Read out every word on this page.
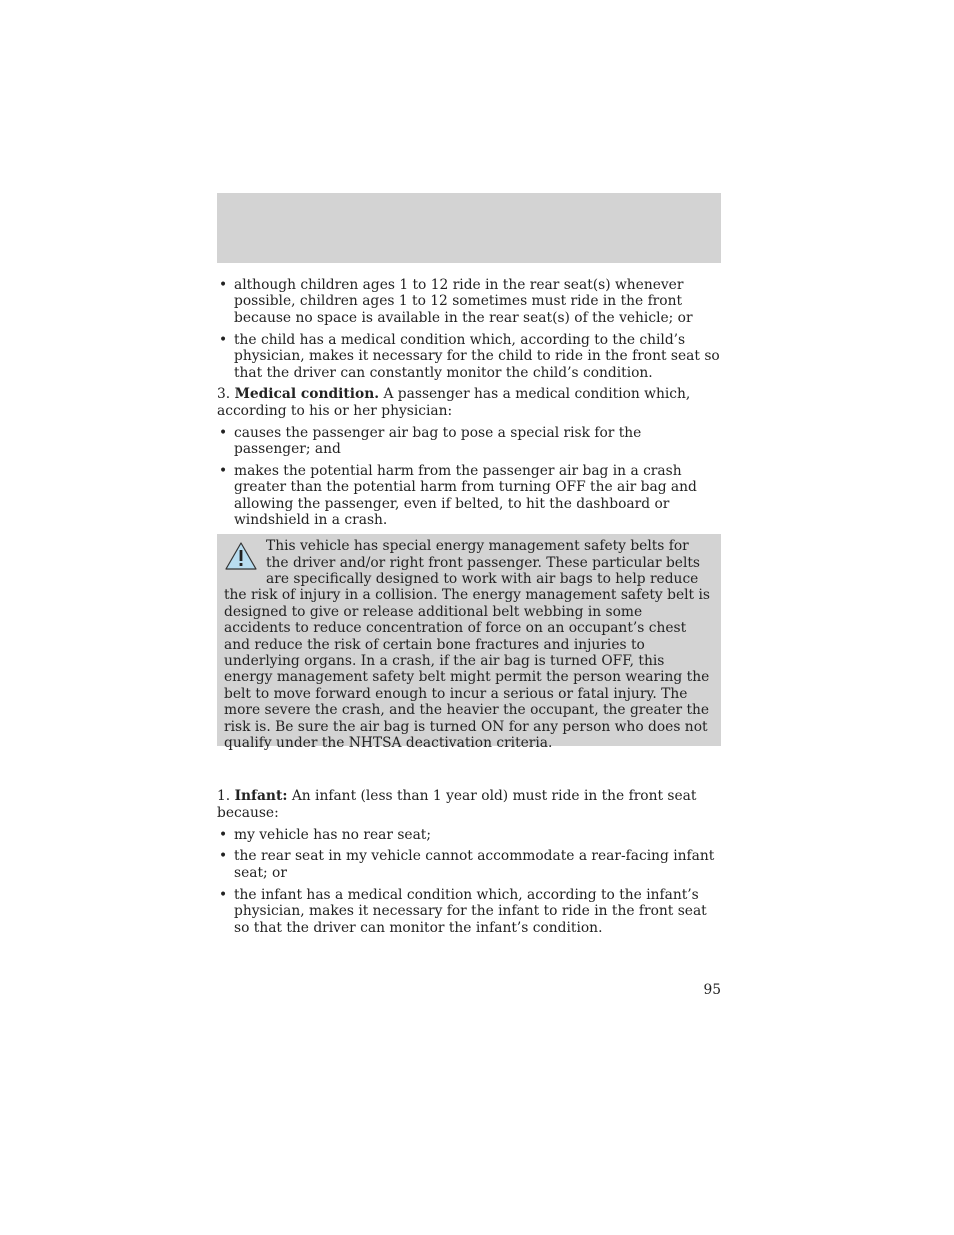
• although children ages 1 to 12 ride in the rear seat(s) whenever possible, children ages 1 to 12 sometimes must ride in the front because no space is available in the rear seat(s) of the vehicle; or
• the child has a medical condition which, according to the child’s physician, makes it necessary for the child to ride in the front seat so that the driver can constantly monitor the child’s condition.

3. Medical condition. A passenger has a medical condition which, according to his or her physician:

• causes the passenger air bag to pose a special risk for the passenger; and
• makes the potential harm from the passenger air bag in a crash greater than the potential harm from turning OFF the air bag and allowing the passenger, even if belted, to hit the dashboard or windshield in a crash.
This vehicle has special energy management safety belts for the driver and/or right front passenger. These particular belts are specifically designed to work with air bags to help reduce the risk of injury in a collision. The energy management safety belt is designed to give or release additional belt webbing in some accidents to reduce concentration of force on an occupant’s chest and reduce the risk of certain bone fractures and injuries to underlying organs. In a crash, if the air bag is turned OFF, this energy management safety belt might permit the person wearing the belt to move forward enough to incur a serious or fatal injury. The more severe the crash, and the heavier the occupant, the greater the risk is. Be sure the air bag is turned ON for any person who does not qualify under the NHTSA deactivation criteria.

1. Infant: An infant (less than 1 year old) must ride in the front seat because:

• my vehicle has no rear seat;
• the rear seat in my vehicle cannot accommodate a rear-facing infant seat; or
• the infant has a medical condition which, according to the infant’s physician, makes it necessary for the infant to ride in the front seat so that the driver can monitor the infant’s condition.
95
